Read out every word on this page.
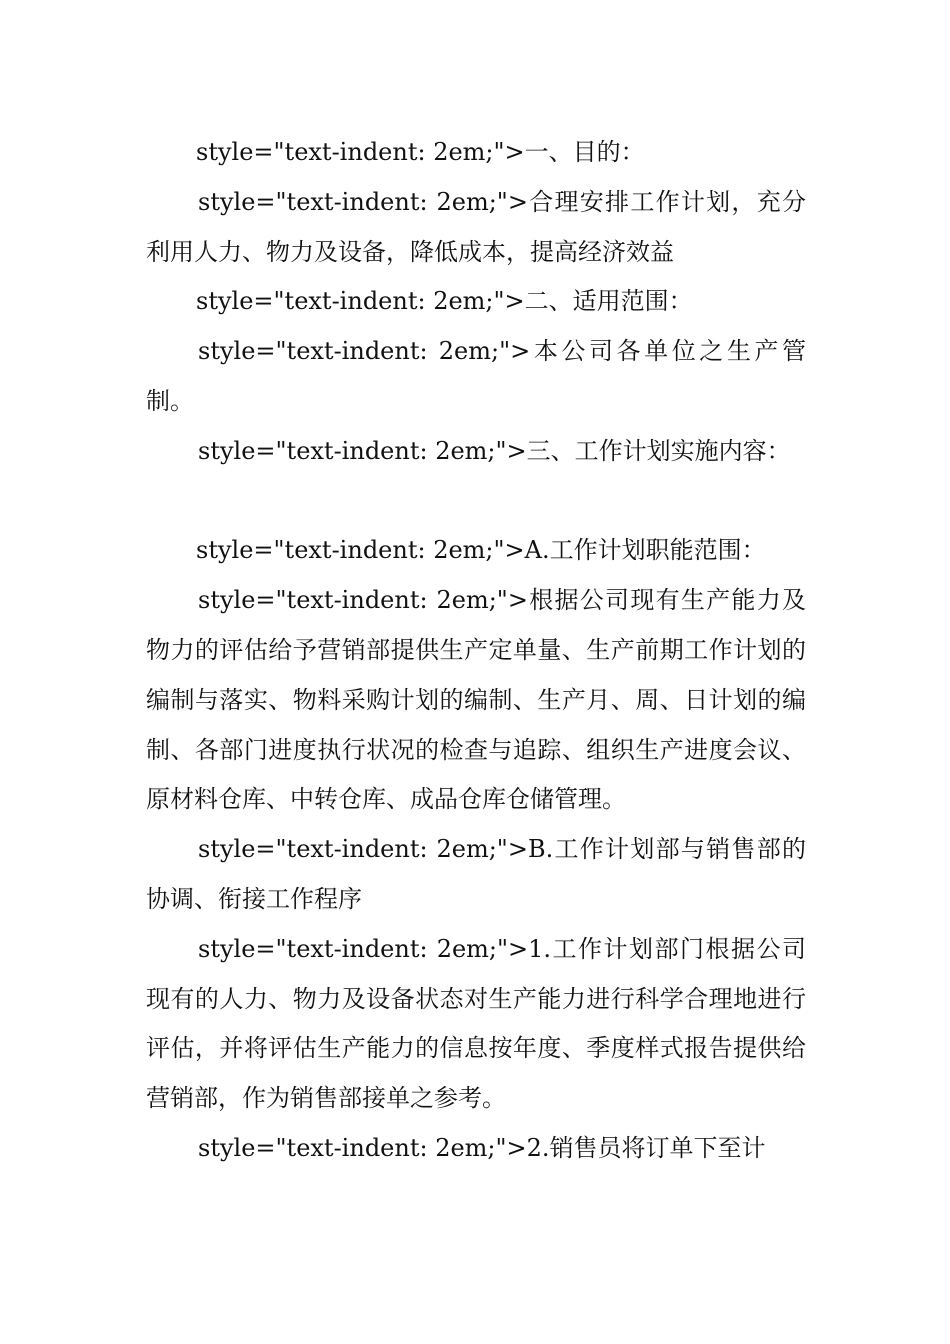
style="text-indent: 2em;">一、目的：

style="text-indent: 2em;">合理安排工作计划，充分利用人力、物力及设备，降低成本，提高经济效益

style="text-indent: 2em;">二、适用范围：

style="text-indent: 2em;">本公司各单位之生产管制。

style="text-indent: 2em;">三、工作计划实施内容：

style="text-indent: 2em;">A.工作计划职能范围：

style="text-indent: 2em;">根据公司现有生产能力及物力的评估给予营销部提供生产定单量、生产前期工作计划的编制与落实、物料采购计划的编制、生产月、周、日计划的编制、各部门进度执行状况的检查与追踪、组织生产进度会议、原材料仓库、中转仓库、成品仓库仓储管理。

style="text-indent: 2em;">B.工作计划部与销售部的协调、衔接工作程序

style="text-indent: 2em;">1.工作计划部门根据公司现有的人力、物力及设备状态对生产能力进行科学合理地进行评估，并将评估生产能力的信息按年度、季度样式报告提供给营销部，作为销售部接单之参考。

style="text-indent: 2em;">2.销售员将订单下至计
